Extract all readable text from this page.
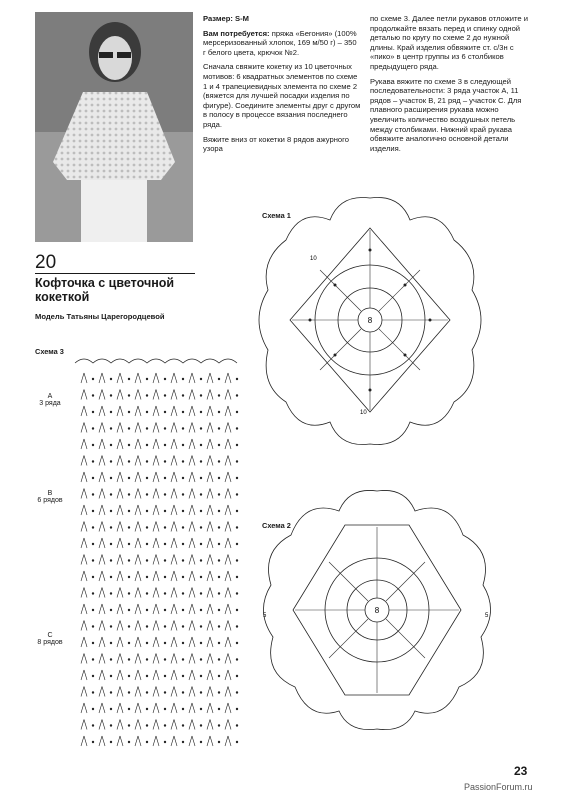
Размер: S-M

Вам потребуется: пряжа «Бегония» (100% мерсеризованный хлопок, 169 м/50 г) – 350 г белого цвета, крючок №2.

Сначала свяжите кокетку из 10 цветочных мотивов: 6 квадратных элементов по схеме 1 и 4 трапециевидных элемента по схеме 2 (вяжется для лучшей посадки изделия по фигуре). Соедините элементы друг с другом в полосу в процессе вязания последнего ряда.

Вяжите вниз от кокетки 8 рядов ажурного узора

по схеме 3. Далее петли рукавов отложите и продолжайте вязать перед и спинку одной деталью по кругу по схеме 2 до нужной длины. Край изделия обвяжите ст. с/3н с «пико» в центр группы из 6 столбиков предыдущего ряда.

Рукава вяжите по схеме 3 в следующей последовательности: 3 ряда участок А, 11 рядов – участок В, 21 ряд – участок С. Для плавного расширения рукава можно увеличить количество воздушных петель между столбиками. Нижний край рукава обвяжите аналогично основной детали изделия.

20
Кофточка с цветочной
кокеткой
Модель Татьяны Царегородцевой
Схема 1
Схема 2
Схема 3
8
10
10
8
5	5
A
3 ряда
B
6 рядов
C
8 рядов
PassionForum.ru
23
